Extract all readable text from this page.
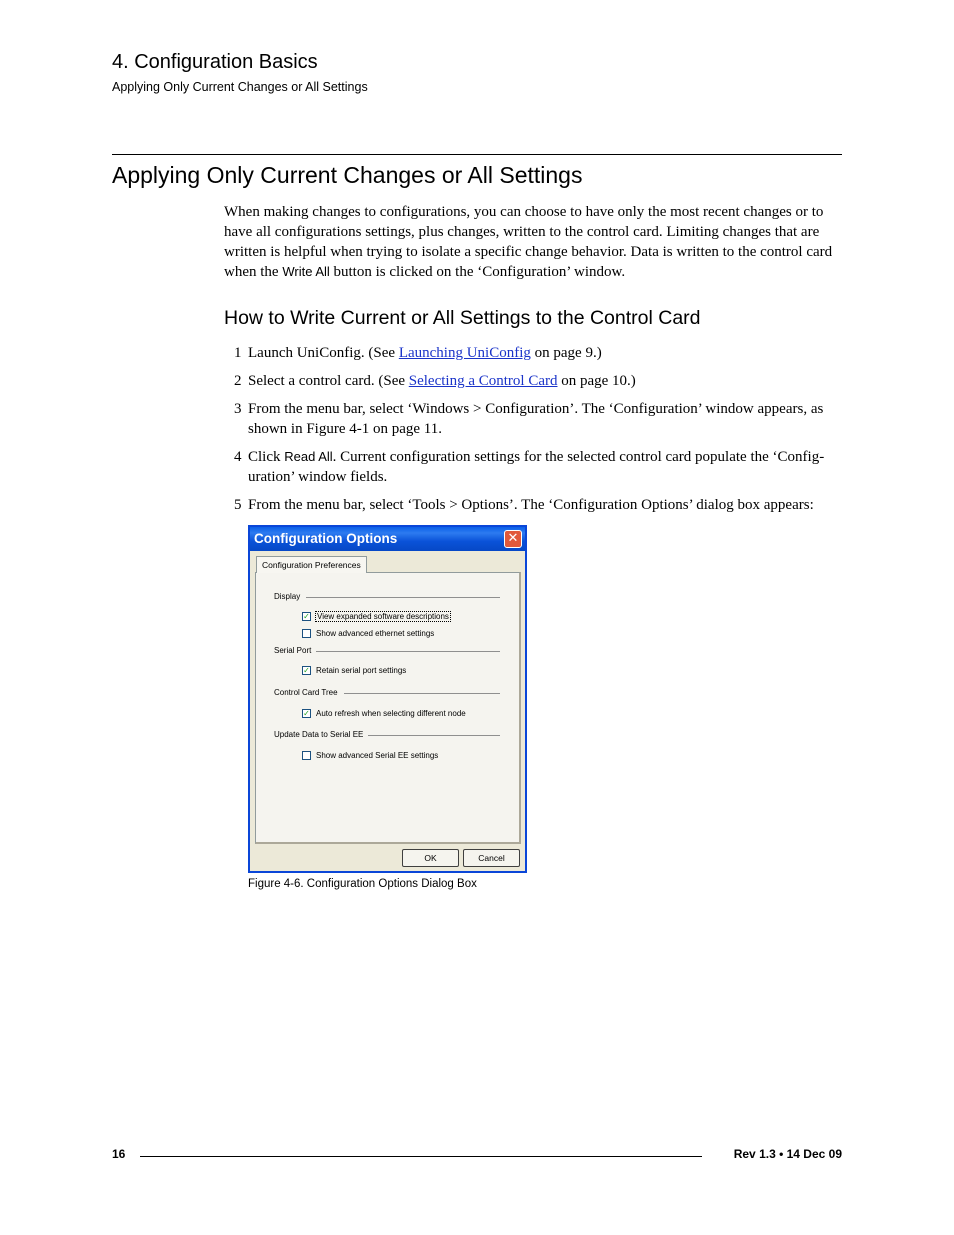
4. Configuration Basics
Applying Only Current Changes or All Settings
Applying Only Current Changes or All Settings

When making changes to configurations, you can choose to have only the most recent changes or to have all configurations settings, plus changes, written to the control card. Limiting changes that are written is helpful when trying to isolate a specific change behavior. Data is written to the control card when the Write All button is clicked on the ‘Configuration’ window.

How to Write Current or All Settings to the Control Card
1 Launch UniConfig. (See Launching UniConfig on page 9.)
2 Select a control card. (See Selecting a Control Card on page 10.)
3 From the menu bar, select ‘Windows > Configuration’. The ‘Configuration’ window appears, as shown in Figure 4-1 on page 11.
4 Click Read All. Current configuration settings for the selected control card populate the ‘Config-uration’ window fields.
5 From the menu bar, select ‘Tools > Options’. The ‘Configuration Options’ dialog box appears:
Configuration Options	✕
Configuration Preferences
Display
✓ View expanded software descriptions
Show advanced ethernet settings
Serial Port
✓ Retain serial port settings
Control Card Tree
✓ Auto refresh when selecting different node
Update Data to Serial EE
Show advanced Serial EE settings
OK	Cancel
Figure 4-6. Configuration Options Dialog Box
16	Rev 1.3 • 14 Dec 09
